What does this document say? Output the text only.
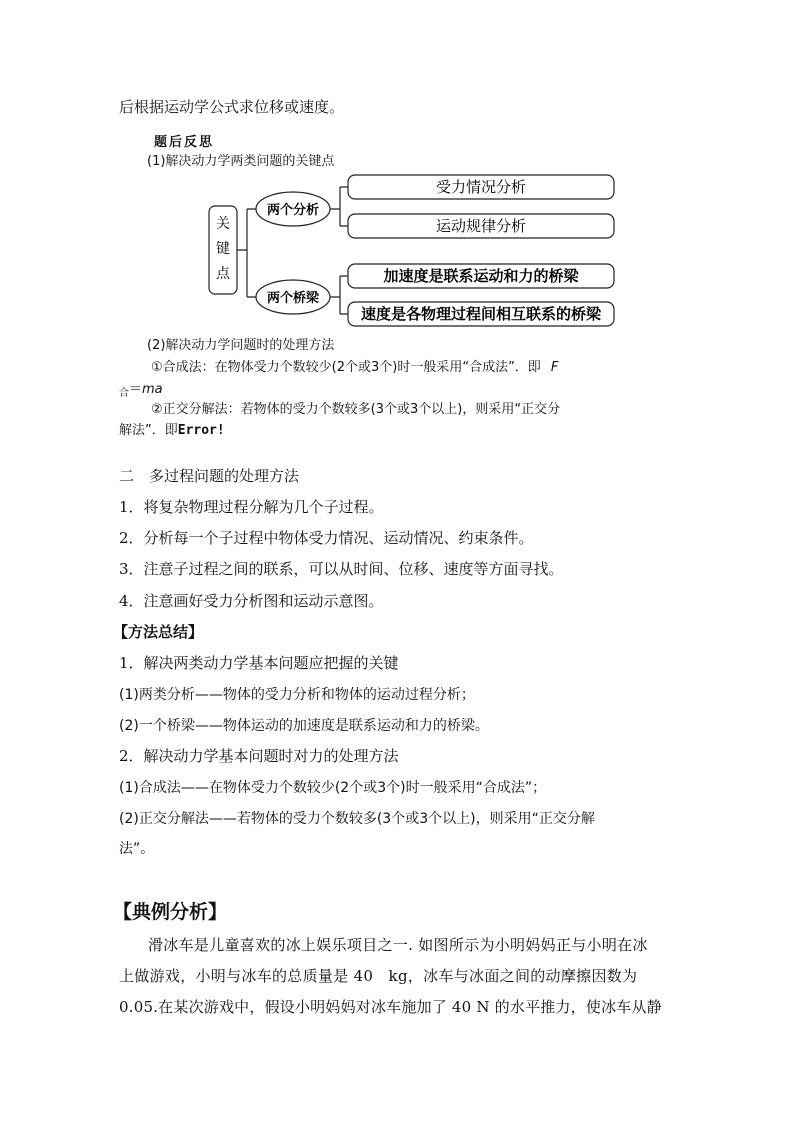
后根据运动学公式求位移或速度。
题后反思
(1)解决动力学两类问题的关键点
关
键
点
两个分析
两个桥梁
受力情况分析
运动规律分析
加速度是联系运动和力的桥梁
速度是各物理过程间相互联系的桥梁
(2)解决动力学问题时的处理方法
①合成法：在物体受力个数较少(2个或3个)时一般采用“合成法”．即 F
$_合$＝ma
②正交分解法：若物体的受力个数较多(3个或3个以上)，则采用“正交分
解法”．即Error!
二　多过程问题的处理方法
1．将复杂物理过程分解为几个子过程。
2．分析每一个子过程中物体受力情况、运动情况、约束条件。
3．注意子过程之间的联系，可以从时间、位移、速度等方面寻找。
4．注意画好受力分析图和运动示意图。
【方法总结】
1．解决两类动力学基本问题应把握的关键
(1)两类分析——物体的受力分析和物体的运动过程分析；
(2)一个桥梁——物体运动的加速度是联系运动和力的桥梁。
2．解决动力学基本问题时对力的处理方法
(1)合成法——在物体受力个数较少(2个或3个)时一般采用“合成法”；
(2)正交分解法——若物体的受力个数较多(3个或3个以上)，则采用“正交分解
法”。
【典例分析】
滑冰车是儿童喜欢的冰上娱乐项目之一. 如图所示为小明妈妈正与小明在冰
上做游戏，小明与冰车的总质量是 40　kg，冰车与冰面之间的动摩擦因数为
0.05.在某次游戏中，假设小明妈妈对冰车施加了 40 N 的水平推力，使冰车从静
